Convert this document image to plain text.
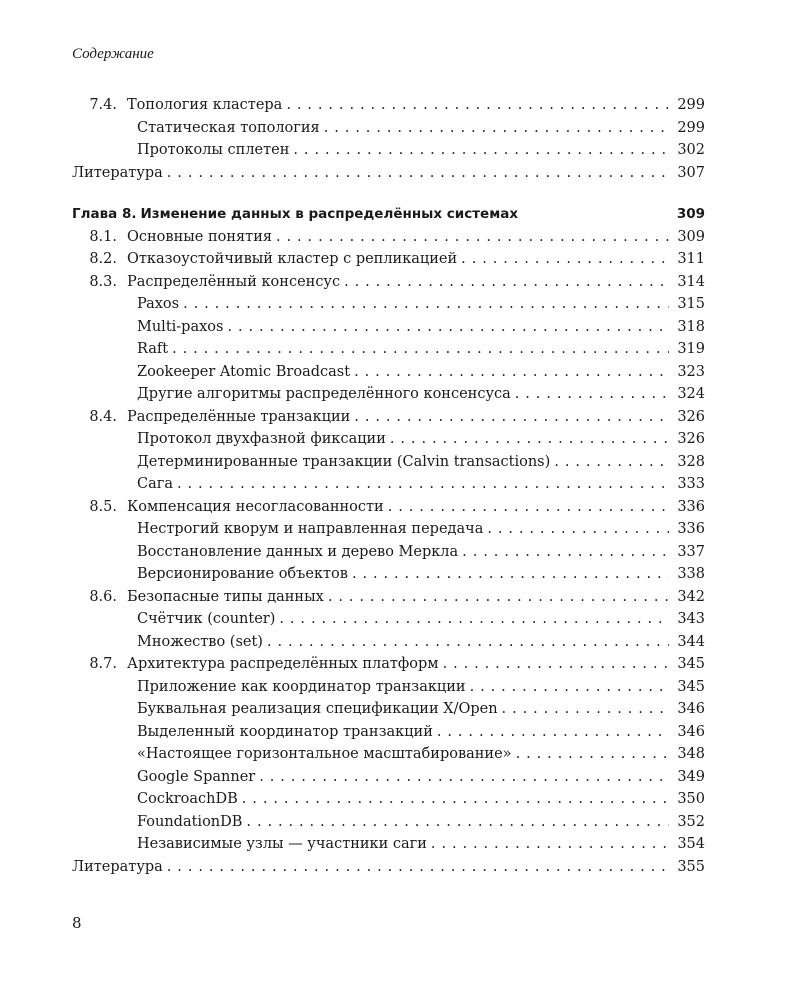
Содержание
7.4. Топология кластера . . .	299
Статическая топология . . .	299
Протоколы сплетен . . .	302
Литература . . .	307
Глава 8. Изменение данных в распределённых системах	309
8.1. Основные понятия . . .	309
8.2. Отказоустойчивый кластер с репликацией . . .	311
8.3. Распределённый консенсус . . .	314
Paxos . . .	315
Multi-paxos . . .	318
Raft . . .	319
Zookeeper Atomic Broadcast . . .	323
Другие алгоритмы распределённого консенсуса . . .	324
8.4. Распределённые транзакции . . .	326
Протокол двухфазной фиксации . . .	326
Детерминированные транзакции (Calvin transactions) . . .	328
Сага . . .	333
8.5. Компенсация несогласованности . . .	336
Нестрогий кворум и направленная передача . . .	336
Восстановление данных и дерево Меркла . . .	337
Версионирование объектов . . .	338
8.6. Безопасные типы данных . . .	342
Счётчик (counter) . . .	343
Множество (set) . . .	344
8.7. Архитектура распределённых платформ . . .	345
Приложение как координатор транзакции . . .	345
Буквальная реализация спецификации X/Open . . .	346
Выделенный координатор транзакций . . .	346
«Настоящее горизонтальное масштабирование» . . .	348
Google Spanner . . .	349
CockroachDB . . .	350
FoundationDB . . .	352
Независимые узлы — участники саги . . .	354
Литература . . .	355
8
